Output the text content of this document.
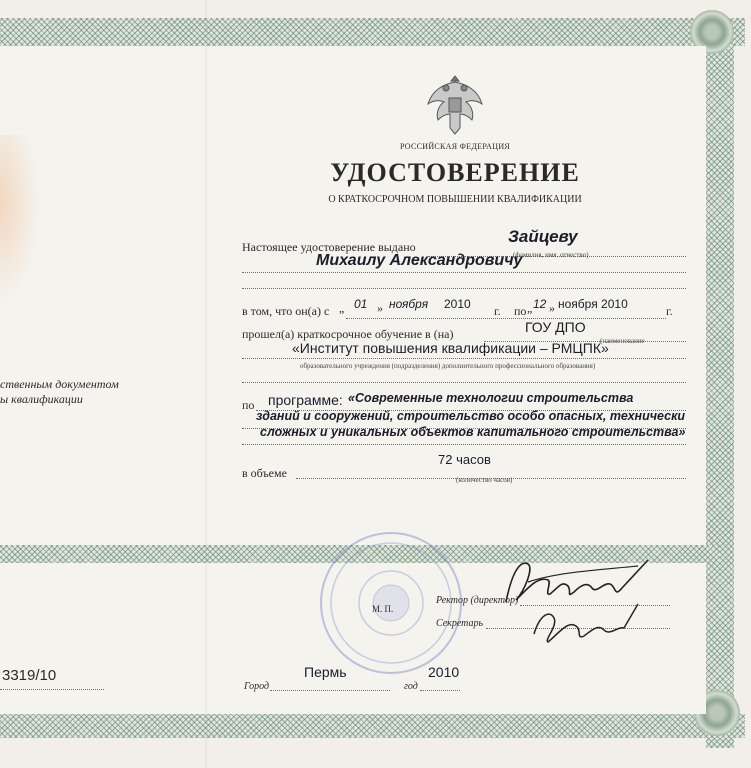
ственным документом
ы квалификации
3319/10
РОССИЙСКАЯ ФЕДЕРАЦИЯ
УДОСТОВЕРЕНИЕ
О КРАТКОСРОЧНОМ ПОВЫШЕНИИ КВАЛИФИКАЦИИ
Настоящее удостоверение выдано
Зайцеву
(фамилия, имя, отчество)
Михаилу Александровичу
в том, что он(а) с „ 01 » ноября 2010 г. по „ 12 » ноября 2010	г.
прошел(а) краткосрочное обучение в (на)	ГОУ ДПО
(наименование
«Институт повышения квалификации – РМЦПК»
образовательного учреждения (подразделения) дополнительного профессионального образования)
по программе: «Современные технологии строительства
зданий и сооружений, строительство особо опасных, технически
сложных и уникальных объектов капитального строительства»
72 часов
в объеме	(количество часов)
М. П.
Ректор (директор)
Секретарь
Город
Пермь
год
2010
